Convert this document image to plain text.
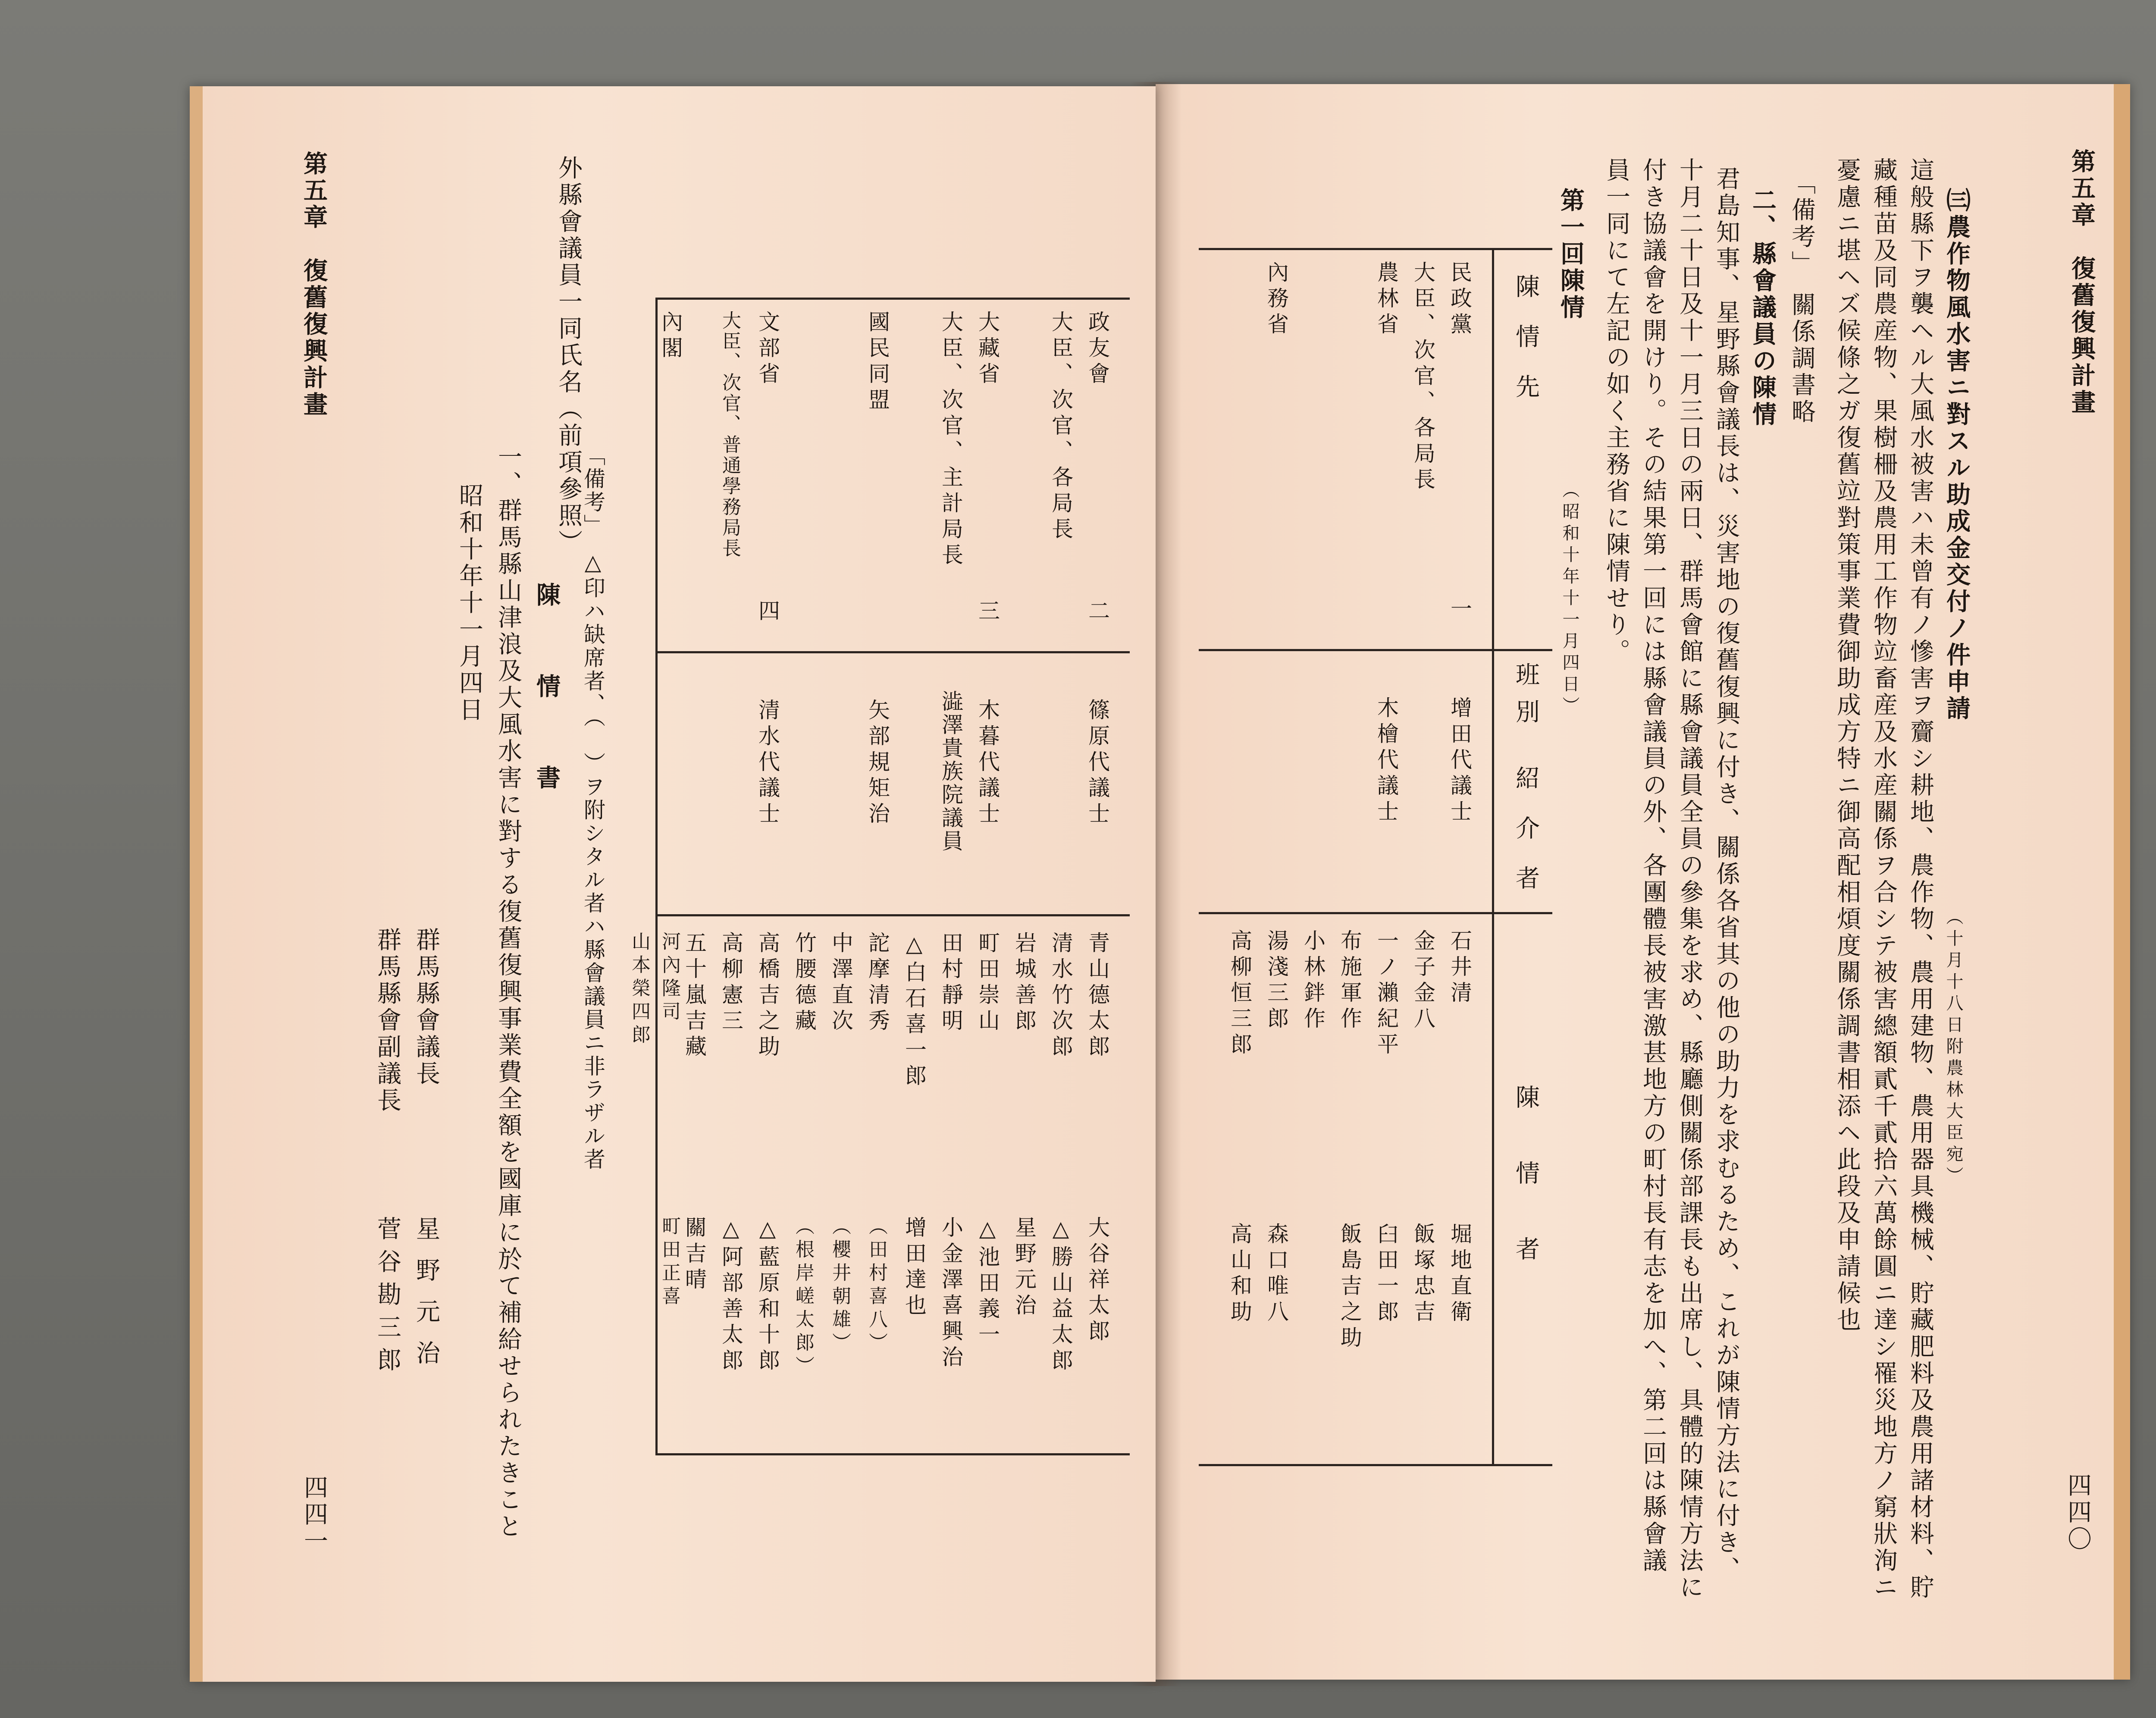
第五章　復舊復興計畫
四四〇
㈢農作物風水害ニ對スル助成金交付ノ件申請
（十月十八日附農林大臣宛）
這般縣下ヲ襲ヘル大風水被害ハ未曾有ノ慘害ヲ齎シ耕地、農作物、農用建物、農用器具機械、貯藏肥料及農用諸材料、貯
藏種苗及同農産物、果樹柵及農用工作物竝畜産及水産關係ヲ合シテ被害總額貳千貳拾六萬餘圓ニ達シ罹災地方ノ窮狀洵ニ
憂慮ニ堪ヘズ候條之ガ復舊竝對策事業費御助成方特ニ御高配相煩度關係調書相添ヘ此段及申請候也
「備考」　關係調書略
二、縣會議員の陳情
君島知事、星野縣會議長は、災害地の復舊復興に付き、關係各省其の他の助力を求むるため、これが陳情方法に付き、
十月二十日及十一月三日の兩日、群馬會館に縣會議員全員の參集を求め、縣廳側關係部課長も出席し、具體的陳情方法に
付き協議會を開けり。その結果第一回には縣會議員の外、各團體長被害激甚地方の町村長有志を加へ、第二回は縣會議
員一同にて左記の如く主務省に陳情せり。
第一回陳情
（昭和十年十一月四日）
陳情先
班別
紹介者
陳情者
民政黨
一
增田代議士
石井清
堀地直衛
大臣、次官、各局長
金子金八
飯塚忠吉
農林省
木檜代議士
一ノ瀨紀平
臼田一郎
布施軍作
飯島吉之助
小林鉡作
內務省
湯淺三郎
森口唯八
高柳恒三郎
高山和助
外縣會議員一同氏名（前項參照）	政友會
二
篠原代議士
青山德太郎
大谷祥太郎
大臣、次官、各局長
清水竹次郎
△勝山益太郎
岩城善郎
星野元治
大藏省
三
木暮代議士
町田崇山
△池田義一
大臣、次官、主計局長
澁澤貴族院議員
田村靜明
小金澤喜興治
△白石喜一郎
增田達也
國民同盟
矢部規矩治
詑摩清秀
（田村喜八）
中澤直次
（櫻井朝雄）
竹腰德藏
（根岸嵯太郎）
文部省
四
清水代議士
高橋吉之助
△藍原和十郎
大臣、次官、普通學務局長
高柳憲三
△阿部善太郎
五十嵐吉藏
關吉晴
內閣
河內隆司
町田正喜
山本榮四郎
「備考」　△印ハ缺席者、（　）ヲ附シタル者ハ縣會議員ニ非ラザル者
陳　情　書
一、群馬縣山津浪及大風水害に對する復舊復興事業費全額を國庫に於て補給せられたきこと
昭和十年十一月四日
群馬縣會議長
星野元治
群馬縣會副議長
菅谷勘三郎
第五章　復舊復興計畫
四四一
